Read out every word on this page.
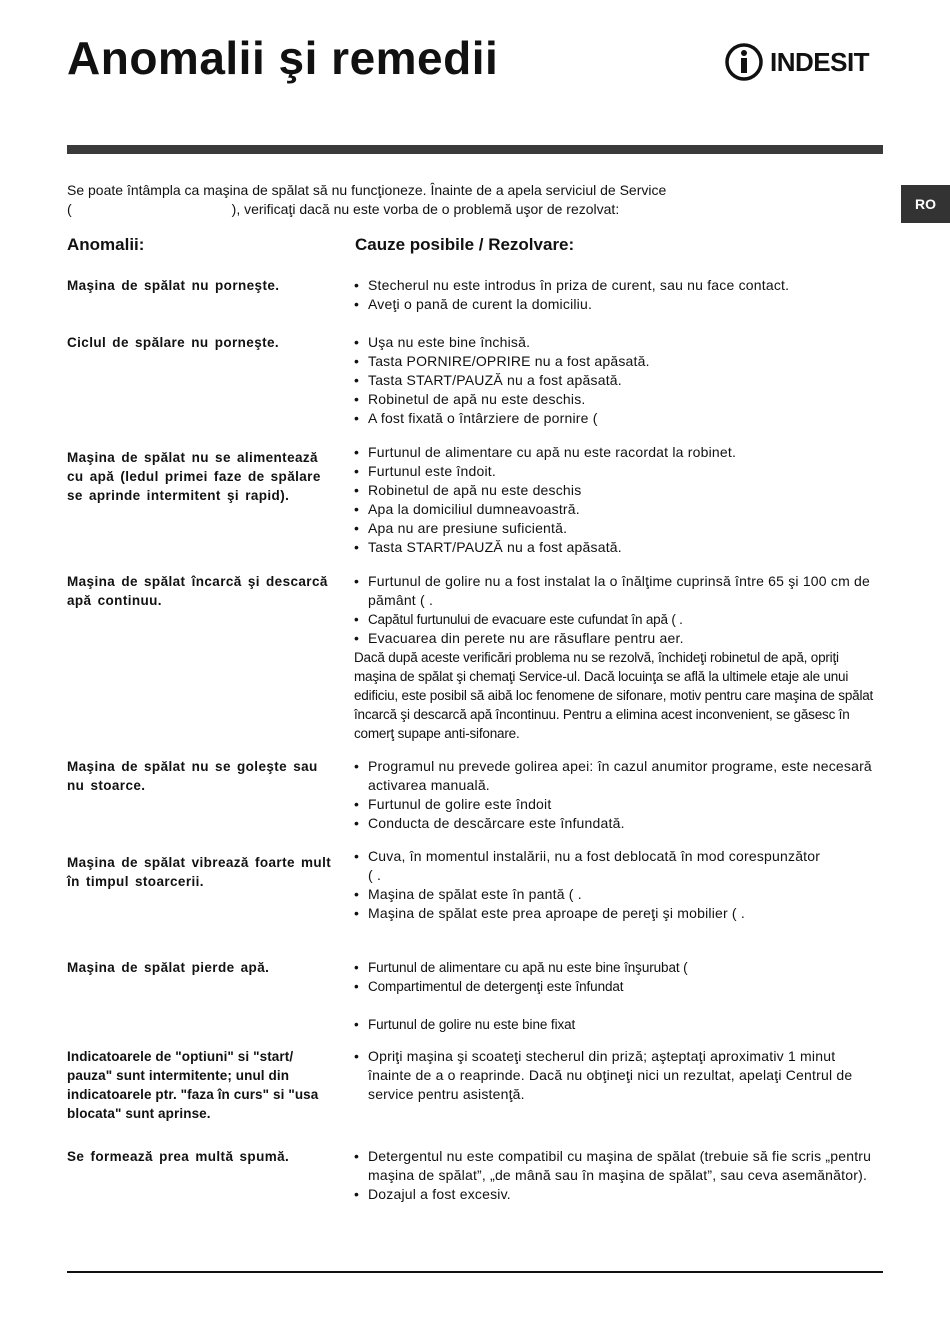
Anomalii şi remedii	INDESIT
RO
Se poate întâmpla ca maşina de spălat să nu funcţioneze. Înainte de a apela serviciul de Service
(	), verificaţi dacă nu este vorba de o problemă uşor de rezolvat:
Anomalii:	Cauze posibile / Rezolvare:
Maşina de spălat nu porneşte.	• Stecherul nu este introdus în priza de curent, sau nu face contact.
• Aveţi o pană de curent la domiciliu.
Ciclul de spălare nu porneşte.	• Uşa nu este bine închisă.
• Tasta PORNIRE/OPRIRE nu a fost apăsată.
• Tasta START/PAUZĂ nu a fost apăsată.
• Robinetul de apă nu este deschis.
• A fost fixată o întârziere de pornire (
Maşina de spălat nu se alimentează cu apă (ledul primei faze de spălare se aprinde intermitent şi rapid).
• Furtunul de alimentare cu apă nu este racordat la robinet.
• Furtunul este îndoit.
• Robinetul de apă nu este deschis
• Apa la domiciliul dumneavoastră.
• Apa nu are presiune suficientă.
• Tasta START/PAUZĂ nu a fost apăsată.
Maşina de spălat încarcă şi descarcă apă continuu.
• Furtunul de golire nu a fost instalat la o înălţime cuprinsă între 65 şi 100 cm de pământ ( .
• Capătul furtunului de evacuare este cufundat în apă ( .
• Evacuarea din perete nu are răsuflare pentru aer.
Dacă după aceste verificări problema nu se rezolvă, închideţi robinetul de apă, opriţi maşina de spălat şi chemaţi Service-ul. Dacă locuinţa se află la ultimele etaje ale unui edificiu, este posibil să aibă loc fenomene de sifonare, motiv pentru care maşina de spălat încarcă şi descarcă apă încontinuu. Pentru a elimina acest inconvenient, se găsesc în comerţ supape anti-sifonare.
Maşina de spălat nu se goleşte sau nu stoarce.
• Programul nu prevede golirea apei: în cazul anumitor programe, este necesară activarea manuală.
• Furtunul de golire este îndoit
• Conducta de descărcare este înfundată.
Maşina de spălat vibrează foarte mult în timpul stoarcerii.
• Cuva, în momentul instalării, nu a fost deblocată în mod corespunzător ( .
• Maşina de spălat este în pantă ( .
• Maşina de spălat este prea aproape de pereţi şi mobilier ( .
Maşina de spălat pierde apă.	• Furtunul de alimentare cu apă nu este bine înşurubat (
• Compartimentul de detergenţi este înfundat
• Furtunul de golire nu este bine fixat
Indicatoarele de "optiuni" si "start/ pauza" sunt intermitente; unul din indicatoarele ptr. "faza în curs" si "usa blocata" sunt aprinse.
• Opriţi maşina şi scoateţi stecherul din priză; aşteptaţi aproximativ 1 minut înainte de a o reaprinde. Dacă nu obţineţi nici un rezultat, apelaţi Centrul de service pentru asistenţă.
Se formează prea multă spumă.	• Detergentul nu este compatibil cu maşina de spălat (trebuie să fie scris „pentru maşina de spălat”, „de mână sau în maşina de spălat”, sau ceva asemănător).
• Dozajul a fost excesiv.
